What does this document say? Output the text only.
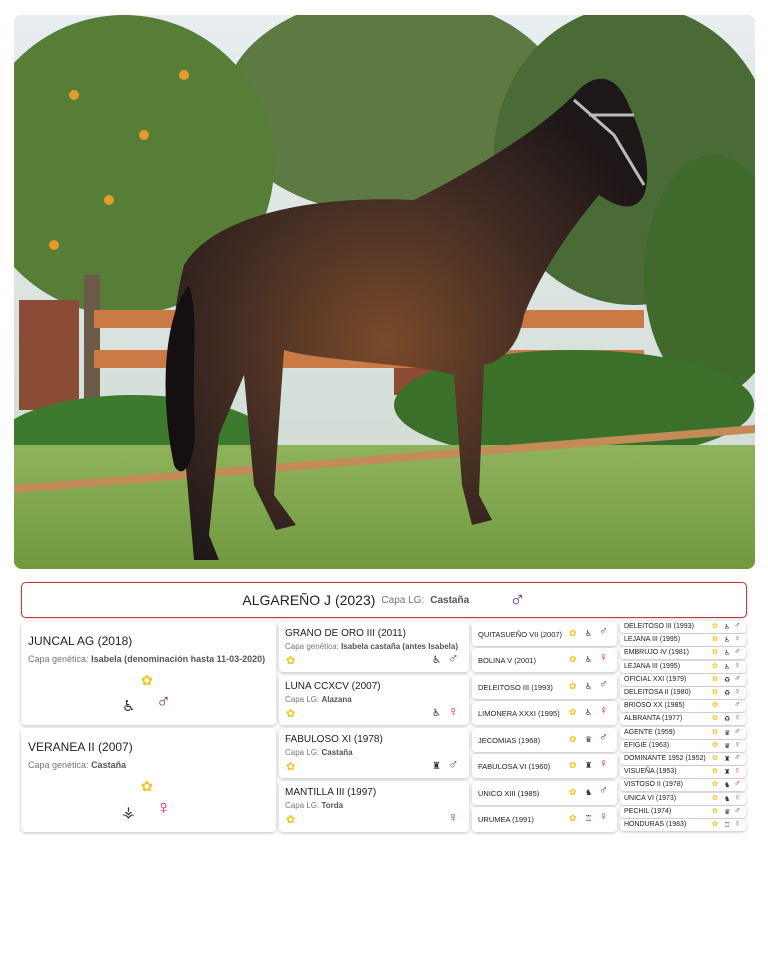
ALGAREÑO J (2023) Capa LG: Castaña ♂
JUNCAL AG (2018)
Capa genética: Isabela (denominación hasta 11-03-2020)
✿
♿ ♂
VERANEA II (2007)
Capa genética: Castaña
✿
⚶ ♀
GRANO DE ORO III (2011)
Capa genética: Isabela castaña (antes Isabela)
✿	♿ ♂
LUNA CCXCV (2007)
Capa LG: Alazana
✿	♿ ♀
FABULOSO XI (1978)
Capa LG: Castaña
✿	♜ ♂
MANTILLA III (1997)
Capa LG: Torda
✿	♀
QUITASUEÑO VII (2007) ✿ ♿ ♂
BOLINA V (2001)	✿ ♿ ♀
DELEITOSO III (1993) ✿ ♿ ♂
LIMONERA XXXI (1995) ✿ ♿ ♀
JECOMIAS (1968)	✿ ♛ ♂
FABULOSA VI (1960) ✿ ♜ ♀
UNICO XIII (1985)	✿ ♞ ♂
URUMEA (1991)	✿ ♖ ♀
DELEITOSO III (1993)	✿ ♿ ♂
LEJANA III (1995)	✿ ♿ ♀
EMBRUJO IV (1981)	✿ ♿ ♂
LEJANA III (1995)	✿ ♿ ♀
OFICIAL XXI (1979)	✿ ♻ ♂
DELEITOSA II (1980)	✿ ♻ ♀
BRIOSO XX (1985)	✿ ♂
ALBRANTA (1977)	✿ ♻ ♀
AGENTE (1959)	✿ ♛ ♂
EFIGIE (1963)	✿ ♛ ♀
DOMINANTE 1952 (1952) ✿ ♜ ♂
VISUEÑA (1953)	✿ ♜ ♀
VISTOSO II (1978)	✿ ♞ ♂
UNICA VI (1973)	✿ ♞ ♀
PECHIL (1974)	✿ ♛ ♂
HONDURAS (1983)	✿ ♖ ♀
